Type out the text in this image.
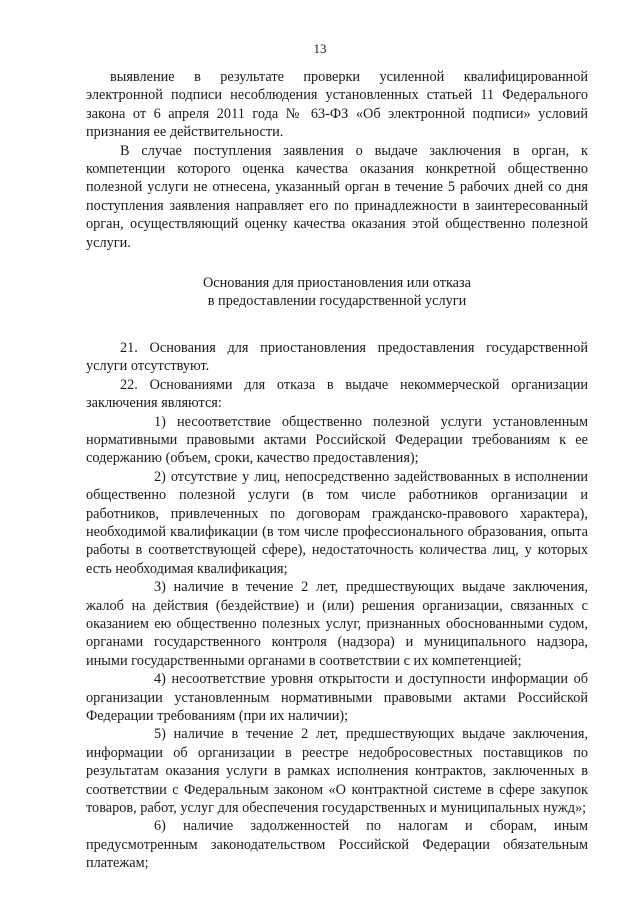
13

выявление в результате проверки усиленной квалифицированной электронной подписи несоблюдения установленных статьей 11 Федерального закона от 6 апреля 2011 года № 63-ФЗ «Об электронной подписи» условий признания ее действительности.

В случае поступления заявления о выдаче заключения в орган, к компетенции которого оценка качества оказания конкретной общественно полезной услуги не отнесена, указанный орган в течение 5 рабочих дней со дня поступления заявления направляет его по принадлежности в заинтересованный орган, осуществляющий оценку качества оказания этой общественно полезной услуги.

Основания для приостановления или отказа
в предоставлении государственной услуги

21. Основания для приостановления предоставления государственной услуги отсутствуют.

22. Основаниями для отказа в выдаче некоммерческой организации заключения являются:

1) несоответствие общественно полезной услуги установленным нормативными правовыми актами Российской Федерации требованиям к ее содержанию (объем, сроки, качество предоставления);

2) отсутствие у лиц, непосредственно задействованных в исполнении общественно полезной услуги (в том числе работников организации и работников, привлеченных по договорам гражданско-правового характера), необходимой квалификации (в том числе профессионального образования, опыта работы в соответствующей сфере), недостаточность количества лиц, у которых есть необходимая квалификация;

3) наличие в течение 2 лет, предшествующих выдаче заключения, жалоб на действия (бездействие) и (или) решения организации, связанных с оказанием ею общественно полезных услуг, признанных обоснованными судом, органами государственного контроля (надзора) и муниципального надзора, иными государственными органами в соответствии с их компетенцией;

4) несоответствие уровня открытости и доступности информации об организации установленным нормативными правовыми актами Российской Федерации требованиям (при их наличии);

5) наличие в течение 2 лет, предшествующих выдаче заключения, информации об организации в реестре недобросовестных поставщиков по результатам оказания услуги в рамках исполнения контрактов, заключенных в соответствии с Федеральным законом «О контрактной системе в сфере закупок товаров, работ, услуг для обеспечения государственных и муниципальных нужд»;

6) наличие задолженностей по налогам и сборам, иным предусмотренным законодательством Российской Федерации обязательным платежам;
